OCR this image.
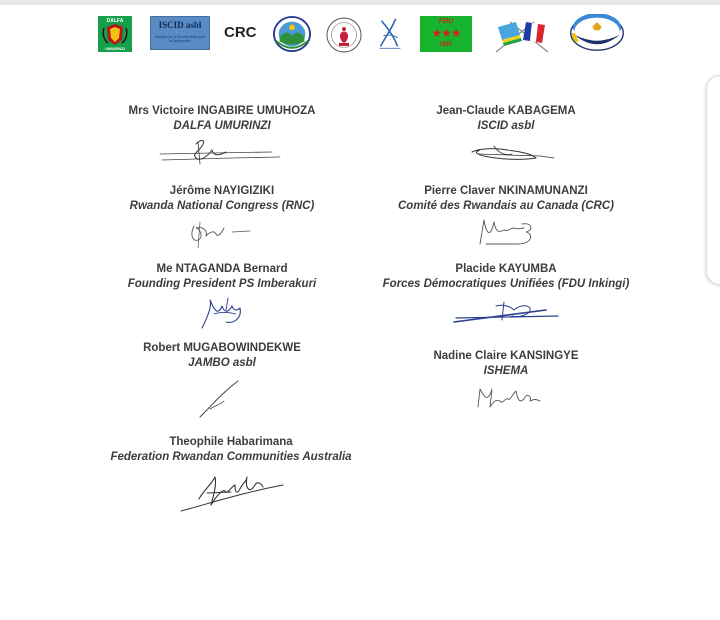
DALFA
UMURINZI
ISCID asbl
Initiative de la Société civile pour la Démocratie	CRC
FDU
★★★
UDF
Mrs Victoire INGABIRE UMUHOZA
DALFA UMURINZI
Jean-Claude KABAGEMA
ISCID asbl
Jérôme NAYIGIZIKI
Rwanda National Congress (RNC)
Pierre Claver NKINAMUNANZI
Comité des Rwandais au Canada (CRC)
Me NTAGANDA Bernard
Founding President PS Imberakuri
Placide KAYUMBA
Forces Démocratiques Unifiées (FDU Inkingi)
Robert MUGABOWINDEKWE
JAMBO asbl
Nadine Claire KANSINGYE
ISHEMA
Theophile Habarimana
Federation Rwandan Communities Australia
